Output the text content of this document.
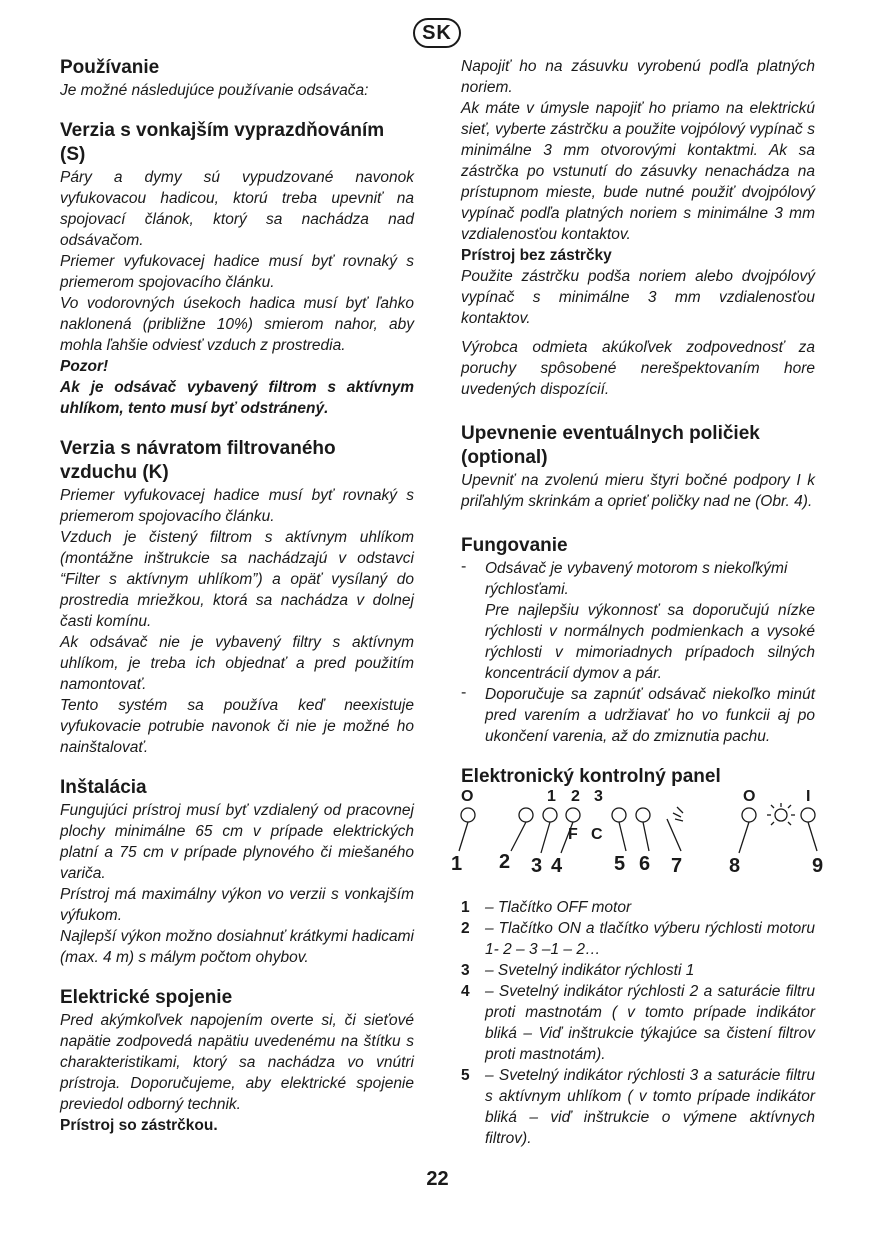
SK
Používanie

Je možné následujúce používanie odsávača:

Verzia s vonkajším vyprazdňováním (S)

Páry a dymy sú vypudzované navonok vyfukovacou hadicou, ktorú treba upevniť na spojovací článok, ktorý sa nachádza nad odsávačom.

Priemer vyfukovacej hadice musí byť rovnaký s priemerom spojovacího článku.

Vo vodorovných úsekoch hadica musí byť ľahko naklonená (približne 10%) smierom nahor, aby mohla ľahšie odviesť vzduch z prostredia.

Pozor!

Ak je odsávač vybavený filtrom s aktívnym uhlíkom, tento musí byť odstránený.

Verzia s návratom filtrovaného vzduchu (K)

Priemer vyfukovacej hadice musí byť rovnaký s priemerom spojovacího článku.

Vzduch je čistený filtrom s aktívnym uhlíkom (montážne inštrukcie sa nachádzajú v odstavci “Filter s aktívnym uhlíkom”) a opäť vysílaný do prostredia mriežkou, ktorá sa nachádza v dolnej časti komínu.

Ak odsávač nie je vybavený filtry s aktívnym uhlíkom, je treba ich objednať a pred použitím namontovať.

Tento systém sa používa keď neexistuje vyfukovacie potrubie navonok či nie je možné ho nainštalovať.

Inštalácia

Fungujúci prístroj musí byť vzdialený od pracovnej plochy minimálne 65 cm v prípade elektrických platní a 75 cm v prípade plynového či miešaného variča.

Prístroj má maximálny výkon vo verzii s vonkajším výfukom.

Najlepší výkon možno dosiahnuť krátkymi hadicami (max. 4 m) s málym počtom ohybov.

Elektrické spojenie

Pred akýmkoľvek napojením overte si, či sieťové napätie zodpovedá napätiu uvedenému na štítku s charakteristikami, ktorý sa nachádza vo vnútri prístroja. Doporučujeme, aby elektrické spojenie previedol odborný technik.

Prístroj so zástrčkou.

Napojiť ho na zásuvku vyrobenú podľa platných noriem.

Ak máte v úmysle napojiť ho priamo na elektrickú sieť, vyberte zástrčku a použite vojpólový vypínač s minimálne 3 mm otvorovými kontaktmi. Ak sa zástrčka po vstunutí do zásuvky nenachádza na prístupnom mieste, bude nutné použiť dvojpólový vypínač podľa platných noriem s minimálne 3 mm vzdialenosťou kontaktov.

Prístroj bez zástrčky

Použite zástrčku podša noriem alebo dvojpólový vypínač s minimálne 3 mm vzdialenosťou kontaktov.

Výrobca odmieta akúkoľvek zodpovednosť za poruchy spôsobené nerešpektovaním hore uvedených dispozícií.

Upevnenie eventuálnych poličiek (optional)

Upevniť na zvolenú mieru štyri bočné podpory I k priľahlým skrinkám a oprieť poličky nad ne (Obr. 4).

Fungovanie
- Odsávač je vybavený motorom s niekoľkými rýchlosťami.

Pre najlepšiu výkonnosť sa doporučujú nízke rýchlosti v normálnych podmienkach a vysoké rýchlosti v mimoriadnych prípadoch silných koncentrácií dymov a pár.

- Doporučuje sa zapnúť odsávač niekoľko minút pred varením a udržiavať ho vo funkcii aj po ukončení varenia, až do zmiznutia pachu.

Elektronický kontrolný panel
O	1 2 3	O	I
F C
1 2 3 4	5 6 7 8	9
1 – Tlačítko OFF motor
2 – Tlačítko ON a tlačítko výberu rýchlosti motoru 1- 2 – 3 –1 – 2…
3 – Svetelný indikátor rýchlosti 1
4 – Svetelný indikátor rýchlosti 2 a saturácie filtru proti mastnotám ( v tomto prípade indikátor bliká – Viď inštrukcie týkajúce sa čistení filtrov proti mastnotám).
5 – Svetelný indikátor rýchlosti 3 a saturácie filtru s aktívnym uhlíkom ( v tomto prípade indikátor bliká – viď inštrukcie o výmene aktívnych filtrov).
22
